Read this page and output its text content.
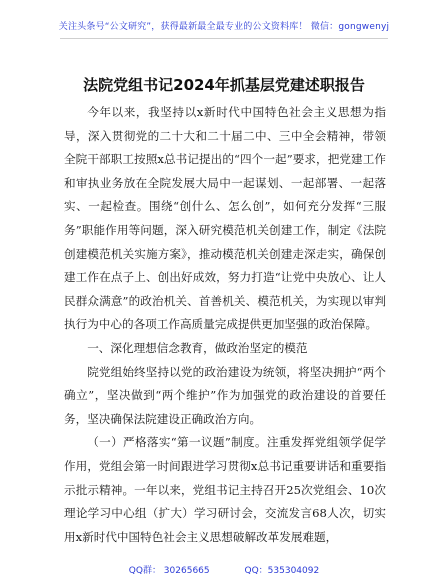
关注头条号“公文研究”，获得最新最全最专业的公文资料库！ 微信：gongwenyj
法院党组书记2024年抓基层党建述职报告

今年以来，我坚持以x新时代中国特色社会主义思想为指导，深入贯彻党的二十大和二十届二中、三中全会精神，带领全院干部职工按照x总书记提出的“四个一起”要求，把党建工作和审执业务放在全院发展大局中一起谋划、一起部署、一起落实、一起检查。围绕“创什么、怎么创”，如何充分发挥“三服务”职能作用等问题，深入研究模范机关创建工作，制定《法院创建模范机关实施方案》，推动模范机关创建走深走实，确保创建工作在点子上、创出好成效，努力打造“让党中央放心、让人民群众满意”的政治机关、首善机关、模范机关，为实现以审判执行为中心的各项工作高质量完成提供更加坚强的政治保障。

一、深化理想信念教育，做政治坚定的模范

院党组始终坚持以党的政治建设为统领，将坚决拥护“两个确立”，坚决做到“两个维护”作为加强党的政治建设的首要任务，坚决确保法院建设正确政治方向。

（一）严格落实“第一议题”制度。注重发挥党组领学促学作用，党组会第一时间跟进学习贯彻x总书记重要讲话和重要指示批示精神。一年以来，党组书记主持召开25次党组会、10次理论学习中心组（扩大）学习研讨会，交流发言68人次，切实用x新时代中国特色社会主义思想破解改革发展难题，

QQ群： 30265665	QQ：535304092
